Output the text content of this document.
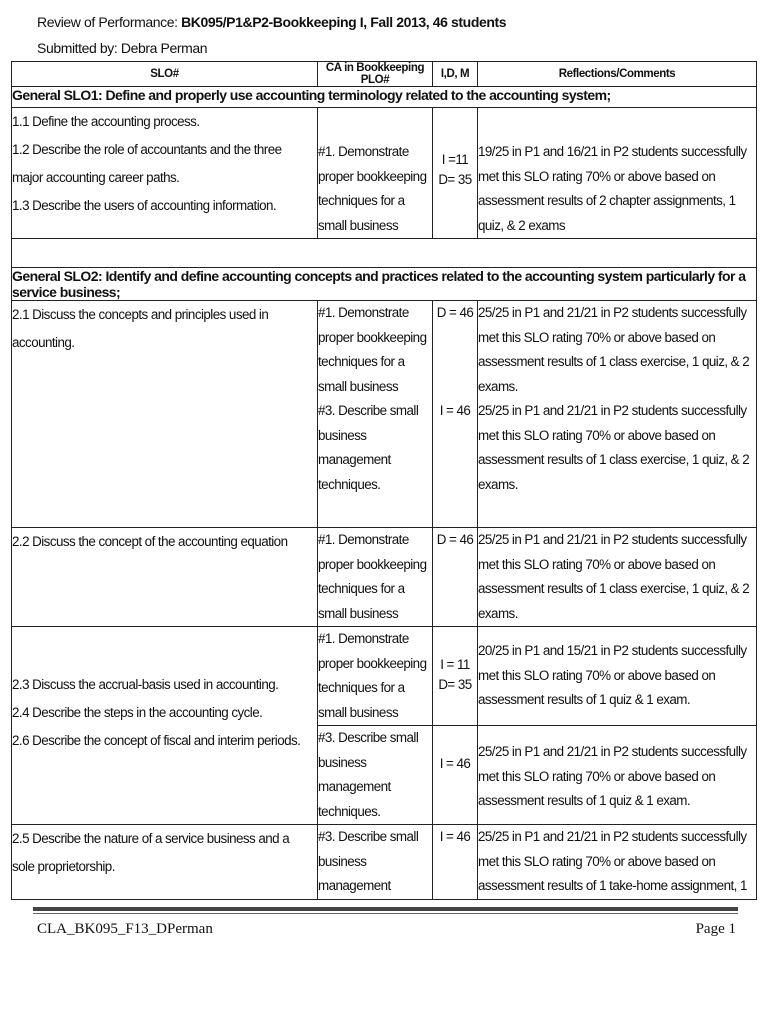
Review of Performance: BK095/P1&P2-Bookkeeping I, Fall 2013, 46 students
Submitted by: Debra Perman
SLO#	CA in Bookkeeping PLO#	I,D, M	Reflections/Comments
General SLO1: Define and properly use accounting terminology related to the accounting system;			

1.1 Define the accounting process.
1.2 Describe the role of accountants and the three
major accounting career paths.
1.3 Describe the users of accounting information.	#1. Demonstrate
proper bookkeeping
techniques for a
small business	I =11
D= 35	19/25 in P1 and 16/21 in P2 students successfully
met this SLO rating 70% or above based on
assessment results of 2 chapter assignments, 1
quiz, & 2 exams

General SLO2: Identify and define accounting concepts and practices related to the accounting system particularly for a service business;			

2.1 Discuss the concepts and principles used in
accounting.	#1. Demonstrate
proper bookkeeping
techniques for a
small business	D = 46	25/25 in P1 and 21/21 in P2 students successfully
met this SLO rating 70% or above based on
assessment results of 1 class exercise, 1 quiz, & 2
exams.

	#3. Describe small
business
management
techniques.	I = 46	25/25 in P1 and 21/21 in P2 students successfully
met this SLO rating 70% or above based on
assessment results of 1 class exercise, 1 quiz, & 2
exams.

2.2 Discuss the concept of the accounting equation	#1. Demonstrate
proper bookkeeping
techniques for a
small business	D = 46	25/25 in P1 and 21/21 in P2 students successfully
met this SLO rating 70% or above based on
assessment results of 1 class exercise, 1 quiz, & 2
exams.

2.3 Discuss the accrual-basis used in accounting.
2.4 Describe the steps in the accounting cycle.
2.6 Describe the concept of fiscal and interim periods.	#1. Demonstrate
proper bookkeeping
techniques for a
small business	I = 11
D= 35	20/25 in P1 and 15/21 in P2 students successfully
met this SLO rating 70% or above based on
assessment results of 1 quiz & 1 exam.

	#3. Describe small
business
management
techniques.	I = 46	25/25 in P1 and 21/21 in P2 students successfully
met this SLO rating 70% or above based on
assessment results of 1 quiz & 1 exam.

2.5 Describe the nature of a service business and a
sole proprietorship.	#3. Describe small
business
management	I = 46	25/25 in P1 and 21/21 in P2 students successfully
met this SLO rating 70% or above based on
assessment results of 1 take-home assignment, 1
CLA_BK095_F13_DPerman	Page 1
